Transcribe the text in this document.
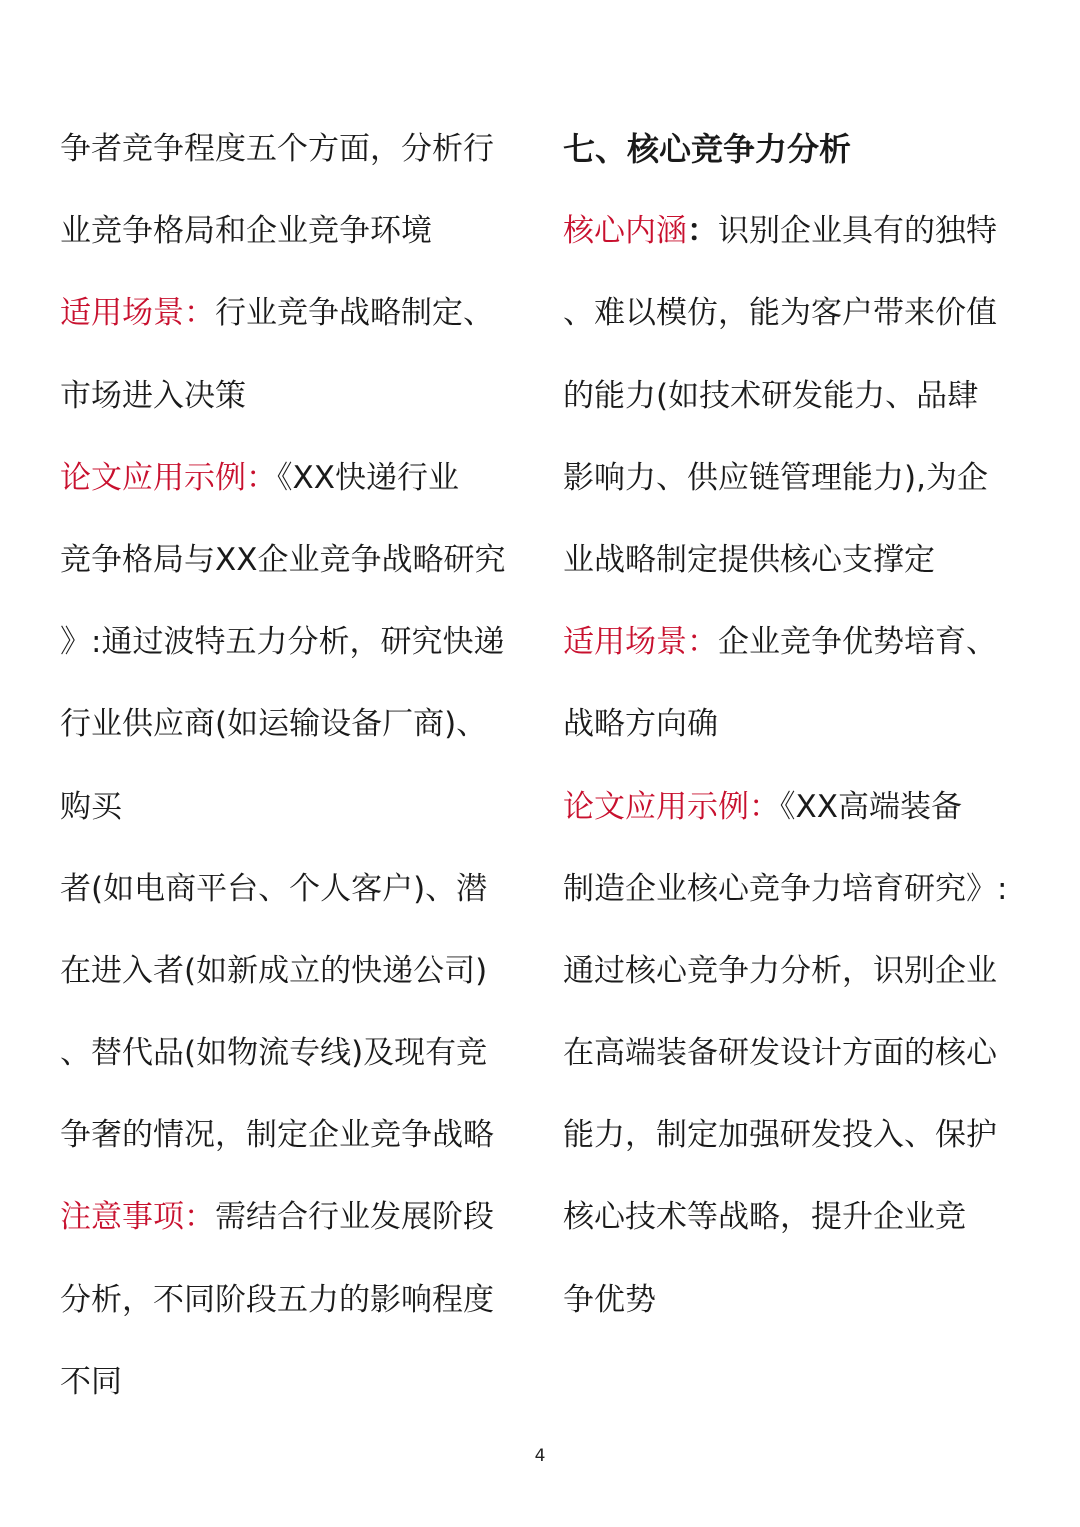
争者竞争程度五个方面，分析行
业竞争格局和企业竞争环境
适用场景：行业竞争战略制定、
市场进入决策
论文应用示例：《XX快递行业
竞争格局与XX企业竞争战略研究
》:通过波特五力分析，研究快递
行业供应商(如运输设备厂商)、
购买
者(如电商平台、个人客户)、潜
在进入者(如新成立的快递公司)
、替代品(如物流专线)及现有竞
争奢的情况，制定企业竞争战略
注意事项：需结合行业发展阶段
分析，不同阶段五力的影响程度
不同
七、核心竞争力分析
核心内涵：识别企业具有的独特
、难以模仿，能为客户带来价值
的能力(如技术研发能力、品肆
影响力、供应链管理能力),为企
业战略制定提供核心支撑定
适用场景：企业竞争优势培育、
战略方向确
论文应用示例：《XX高端装备
制造企业核心竞争力培育研究》:
通过核心竞争力分析，识别企业
在高端装备研发设计方面的核心
能力，制定加强研发投入、保护
核心技术等战略，提升企业竞
争优势
4
